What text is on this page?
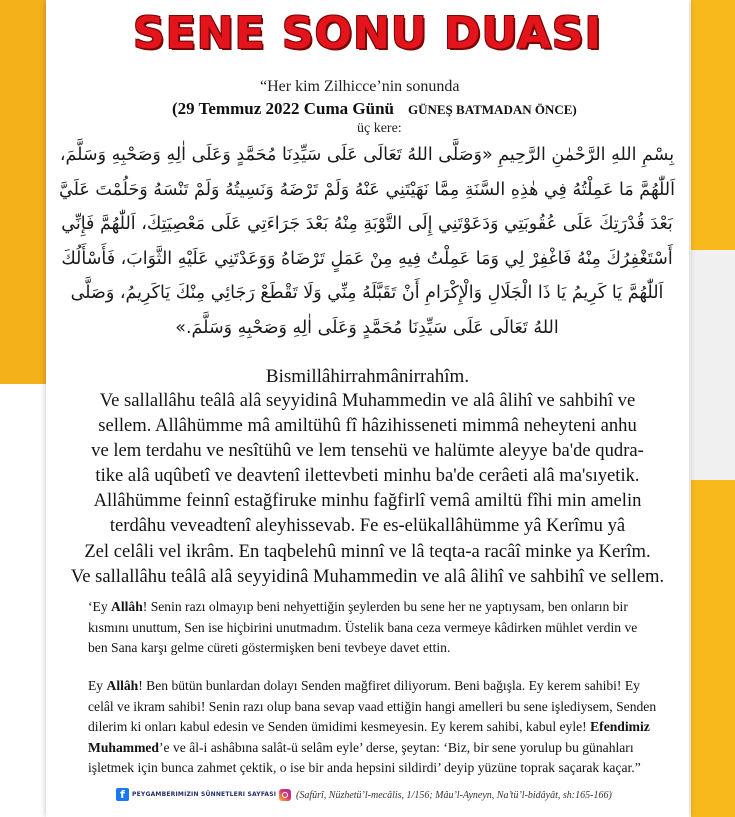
SENE SONU DUASI
“Her kim Zilhicce’nin sonunda
(29 Temmuz 2022 Cuma Günü GÜNEŞ BATMADAN ÖNCE)
üç kere:
بِسْمِ اللهِ الرَّحْمٰنِ الرَّحِيمِ «وَصَلَّى اللهُ تَعَالَى عَلَى سَيِّدِنَا مُحَمَّدٍ وَعَلَى اٰلِهِ وَصَحْبِهِ وَسَلَّمَ،
اَللّٰهُمَّ مَا عَمِلْتُهُ فِي هٰذِهِ السَّنَةِ مِمَّا نَهَيْتَنِي عَنْهُ وَلَمْ تَرْضَهُ وَنَسِيتُهُ وَلَمْ تَنْسَهُ وَحَلُمْتَ عَلَيَّ
بَعْدَ قُدْرَتِكَ عَلَى عُقُوبَتِي وَدَعَوْتَنِي إِلَى التَّوْبَةِ مِنْهُ بَعْدَ جَرَاءَتِي عَلَى مَعْصِيَتِكَ، اَللّٰهُمَّ فَإِنِّي
أَسْتَغْفِرُكَ مِنْهُ فَاغْفِرْ لِي وَمَا عَمِلْتُ فِيهِ مِنْ عَمَلٍ تَرْضَاهُ وَوَعَدْتَنِي عَلَيْهِ الثَّوَابَ، فَأَسْأَلُكَ
اَللّٰهُمَّ يَا كَرِيمُ يَا ذَا الْجَلَالِ وَالْإِكْرَامِ أَنْ تَقَبَّلَهُ مِنِّي وَلَا تَقْطَعْ رَجَائِي مِنْكَ يَاكَرِيمُ، وَصَلَّى
اللهُ تَعَالَى عَلَى سَيِّدِنَا مُحَمَّدٍ وَعَلَى اٰلِهِ وَصَحْبِهِ وَسَلَّمَ.»
Bismillâhirrahmânirrahîm.
Ve sallallâhu teâlâ alâ seyyidinâ Muhammedin ve alâ âlihî ve sahbihî ve
sellem. Allâhümme mâ amiltühû fî hâzihisseneti mimmâ neheyteni anhu
ve lem terdahu ve nesîtühû ve lem tensehü ve halümte aleyye ba'de qudra-
tike alâ uqûbetî ve deavtenî ilettevbeti minhu ba'de cerâeti alâ ma'sıyetik.
Allâhümme feinnî estağfiruke minhu fağfirlî vemâ amiltü fîhi min amelin
terdâhu veveadtenî aleyhissevab. Fe es-elükallâhümme yâ Kerîmu yâ
Zel celâli vel ikrâm. En taqbelehû minnî ve lâ teqta-a racâî minke ya Kerîm.
Ve sallallâhu teâlâ alâ seyyidinâ Muhammedin ve alâ âlihî ve sahbihî ve sellem.
‘Ey Allâh! Senin razı olmayıp beni nehyettiğin şeylerden bu sene her ne yaptıysam, ben onların bir
kısmını unuttum, Sen ise hiçbirini unutmadım. Üstelik bana ceza vermeye kâdirken mühlet verdin ve
ben Sana karşı gelme cüreti göstermişken beni tevbeye davet ettin.
Ey Allâh! Ben bütün bunlardan dolayı Senden mağfiret diliyorum. Beni bağışla. Ey kerem sahibi! Ey
celâl ve ikram sahibi! Senin razı olup bana sevap vaad ettiğin hangi amelleri bu sene işlediysem, Senden
dilerim ki onları kabul edesin ve Senden ümidimi kesmeyesin. Ey kerem sahibi, kabul eyle! Efendimiz
Muhammed’e ve âl-i ashâbına salât-ü selâm eyle’ derse, şeytan: ‘Biz, bir sene yorulup bu günahları
işletmek için bunca zahmet çektik, o ise bir anda hepsini sildirdi’ deyip yüzüne toprak saçarak kaçar.”
f	PEYGAMBERIMIZIN SÜNNETLERI SAYFASI (Safûrî, Nüzhetü’l-mecâlis, 1/156; Mâu’l-Ayneyn, Na’tü’l-bidâyât, sh:165-166)
